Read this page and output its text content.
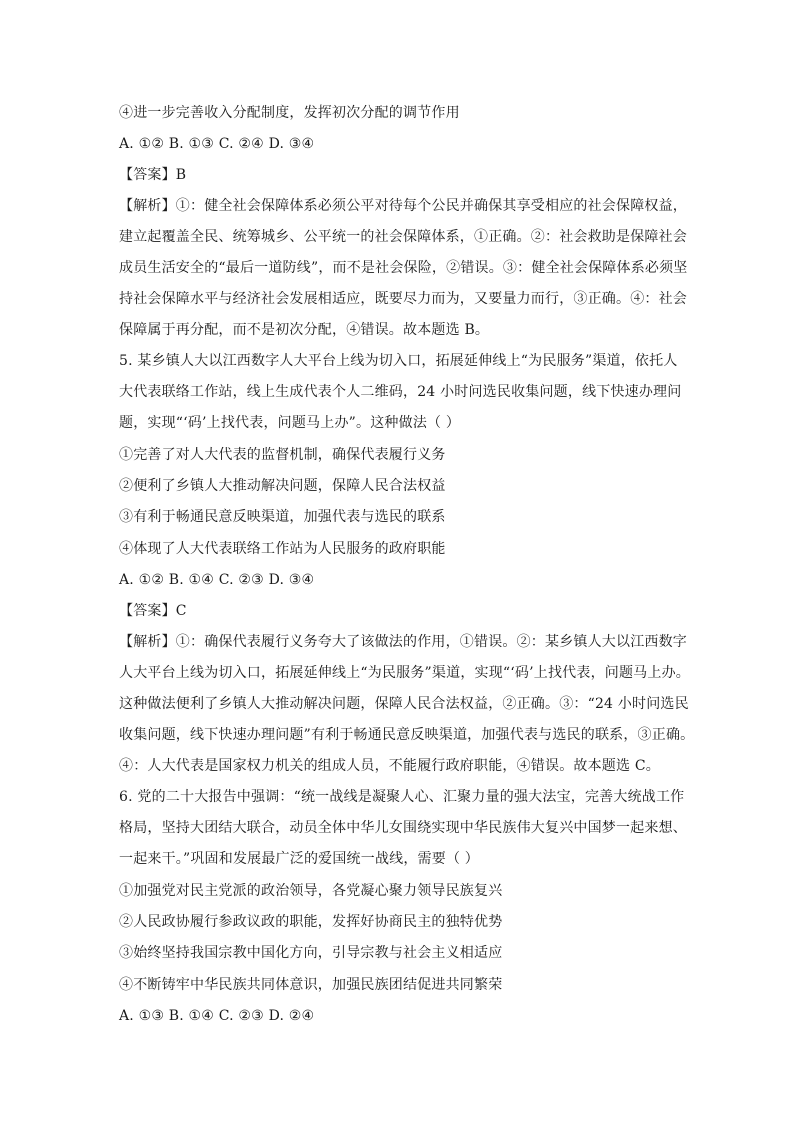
④进一步完善收入分配制度，发挥初次分配的调节作用
A. ①② B. ①③ C. ②④ D. ③④
【答案】B
【解析】①：健全社会保障体系必须公平对待每个公民并确保其享受相应的社会保障权益，
建立起覆盖全民、统筹城乡、公平统一的社会保障体系，①正确。②：社会救助是保障社会
成员生活安全的“最后一道防线”，而不是社会保险，②错误。③：健全社会保障体系必须坚
持社会保障水平与经济社会发展相适应，既要尽力而为，又要量力而行，③正确。④：社会
保障属于再分配，而不是初次分配，④错误。故本题选 B。
5. 某乡镇人大以江西数字人大平台上线为切入口，拓展延伸线上“为民服务”渠道，依托人
大代表联络工作站，线上生成代表个人二维码，24 小时问选民收集问题，线下快速办理问
题，实现“‘码’上找代表，问题马上办”。这种做法（ ）
①完善了对人大代表的监督机制，确保代表履行义务
②便利了乡镇人大推动解决问题，保障人民合法权益
③有利于畅通民意反映渠道，加强代表与选民的联系
④体现了人大代表联络工作站为人民服务的政府职能
A. ①② B. ①④ C. ②③ D. ③④
【答案】C
【解析】①：确保代表履行义务夸大了该做法的作用，①错误。②：某乡镇人大以江西数字
人大平台上线为切入口，拓展延伸线上“为民服务”渠道，实现“‘码’上找代表，问题马上办。
这种做法便利了乡镇人大推动解决问题，保障人民合法权益，②正确。③：“24 小时问选民
收集问题，线下快速办理问题”有利于畅通民意反映渠道，加强代表与选民的联系，③正确。
④：人大代表是国家权力机关的组成人员，不能履行政府职能，④错误。故本题选 C。
6. 党的二十大报告中强调：“统一战线是凝聚人心、汇聚力量的强大法宝，完善大统战工作
格局，坚持大团结大联合，动员全体中华儿女围绕实现中华民族伟大复兴中国梦一起来想、
一起来干。”巩固和发展最广泛的爱国统一战线，需要（ ）
①加强党对民主党派的政治领导，各党凝心聚力领导民族复兴
②人民政协履行参政议政的职能，发挥好协商民主的独特优势
③始终坚持我国宗教中国化方向，引导宗教与社会主义相适应
④不断铸牢中华民族共同体意识，加强民族团结促进共同繁荣
A. ①③ B. ①④ C. ②③ D. ②④
